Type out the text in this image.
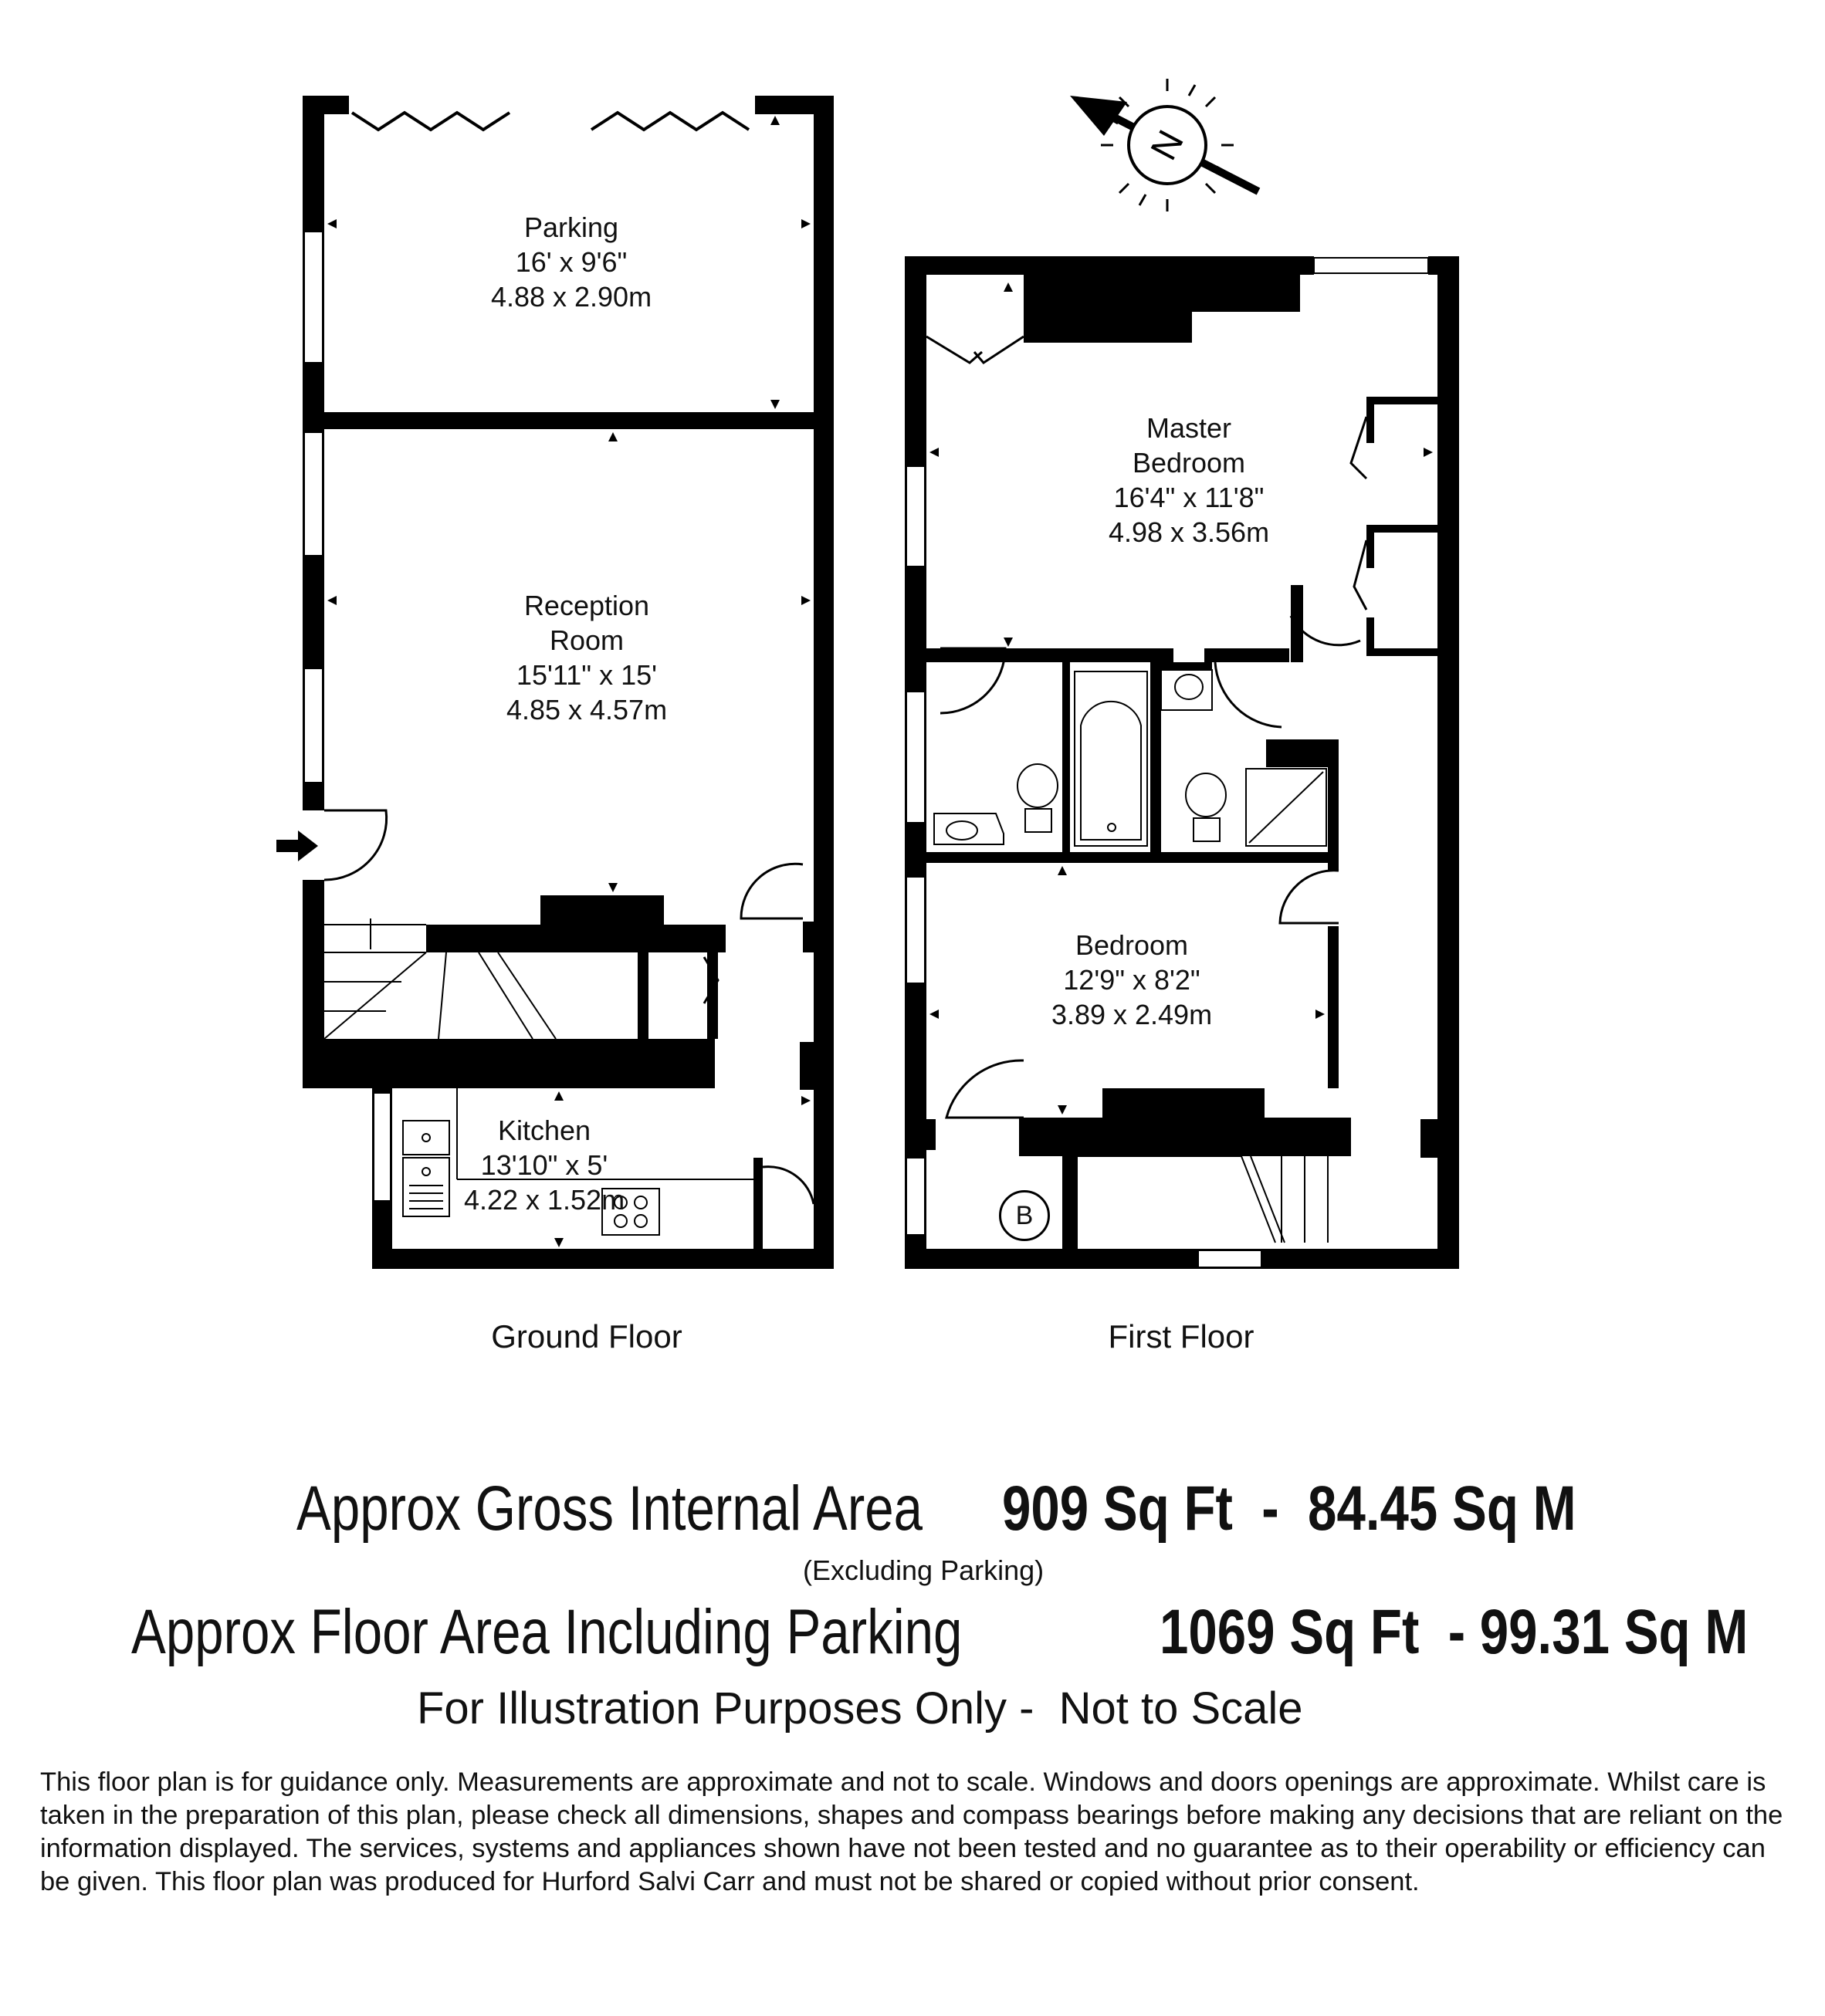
N
Parking
16' x 9'6"
4.88 x 2.90m
Reception
Room
15'11" x 15'
4.85 x 4.57m
Kitchen
13'10" x 5'
4.22 x 1.52m
Master
Bedroom
16'4" x 11'8"
4.98 x 3.56m
Bedroom
12'9" x 8'2"
3.89 x 2.49m
B
Ground Floor	First Floor
Approx Gross Internal Area 909 Sq Ft  -  84.45 Sq M
(Excluding Parking)
Approx Floor Area Including Parking	1069 Sq Ft  - 99.31 Sq M
For Illustration Purposes Only -  Not to Scale
This floor plan is for guidance only. Measurements are approximate and not to scale. Windows and doors openings are approximate. Whilst care is taken in the preparation of this plan, please check all dimensions, shapes and compass bearings before making any decisions that are reliant on the information displayed. The services, systems and appliances shown have not been tested and no guarantee as to their operability or efficiency can be given. This floor plan was produced for Hurford Salvi Carr and must not be shared or copied without prior consent.
